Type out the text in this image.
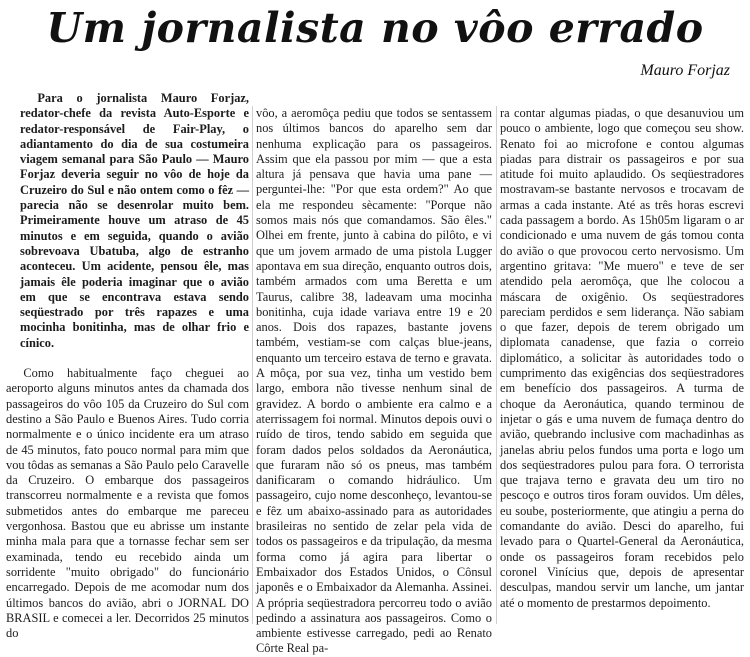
Um jornalista no vôo errado
Mauro Forjaz

Para o jornalista Mauro Forjaz, redator-chefe da revista Auto-Esporte e redator-responsável de Fair-Play, o adiantamento do dia de sua costumeira viagem semanal para São Paulo — Mauro Forjaz deveria seguir no vôo de hoje da Cruzeiro do Sul e não ontem como o fêz — parecia não se desenrolar muito bem. Primeiramente houve um atraso de 45 minutos e em seguida, quando o avião sobrevoava Ubatuba, algo de estranho aconteceu. Um acidente, pensou êle, mas jamais êle poderia imaginar que o avião em que se encontrava estava sendo seqüestrado por três rapazes e uma mocinha bonitinha, mas de olhar frio e cínico.

Como habitualmente faço cheguei ao aeroporto alguns minutos antes da chamada dos passageiros do vôo 105 da Cruzeiro do Sul com destino a São Paulo e Buenos Aires. Tudo corria normalmente e o único incidente era um atraso de 45 minutos, fato pouco normal para mim que vou tôdas as semanas a São Paulo pelo Caravelle da Cruzeiro. O embarque dos passageiros transcorreu normalmente e a revista que fomos submetidos antes do embarque me pareceu vergonhosa. Bastou que eu abrisse um instante minha mala para que a tornasse fechar sem ser examinada, tendo eu recebido ainda um sorridente "muito obrigado" do funcionário encarregado. Depois de me acomodar num dos últimos bancos do avião, abri o JORNAL DO BRASIL e comecei a ler. Decorridos 25 minutos do

vôo, a aeromôça pediu que todos se sentassem nos últimos bancos do aparelho sem dar nenhuma explicação para os passageiros. Assim que ela passou por mim — que a esta altura já pensava que havia uma pane — perguntei-lhe: "Por que esta ordem?" Ao que ela me respondeu sècamente: "Porque não somos mais nós que comandamos. São êles." Olhei em frente, junto à cabina do pilôto, e vi que um jovem armado de uma pistola Lugger apontava em sua direção, enquanto outros dois, também armados com uma Beretta e um Taurus, calibre 38, ladeavam uma mocinha bonitinha, cuja idade variava entre 19 e 20 anos. Dois dos rapazes, bastante jovens também, vestiam-se com calças blue-jeans, enquanto um terceiro estava de terno e gravata. A môça, por sua vez, tinha um vestido bem largo, embora não tivesse nenhum sinal de gravidez. A bordo o ambiente era calmo e a aterrissagem foi normal. Minutos depois ouvi o ruído de tiros, tendo sabido em seguida que foram dados pelos soldados da Aeronáutica, que furaram não só os pneus, mas também danificaram o comando hidráulico. Um passageiro, cujo nome desconheço, levantou-se e fêz um abaixo-assinado para as autoridades brasileiras no sentido de zelar pela vida de todos os passageiros e da tripulação, da mesma forma como já agira para libertar o Embaixador dos Estados Unidos, o Cônsul japonês e o Embaixador da Alemanha. Assinei. A própria seqüestradora percorreu todo o avião pedindo a assinatura aos passageiros. Como o ambiente estivesse carregado, pedi ao Renato Côrte Real pa-

ra contar algumas piadas, o que desanuviou um pouco o ambiente, logo que começou seu show. Renato foi ao microfone e contou algumas piadas para distrair os passageiros e por sua atitude foi muito aplaudido. Os seqüestradores mostravam-se bastante nervosos e trocavam de armas a cada instante. Até as três horas escrevi cada passagem a bordo. As 15h05m ligaram o ar condicionado e uma nuvem de gás tomou conta do avião o que provocou certo nervosismo. Um argentino gritava: "Me muero" e teve de ser atendido pela aeromôça, que lhe colocou a máscara de oxigênio. Os seqüestradores pareciam perdidos e sem liderança. Não sabiam o que fazer, depois de terem obrigado um diplomata canadense, que fazia o correio diplomático, a solicitar às autoridades todo o cumprimento das exigências dos seqüestradores em benefício dos passageiros. A turma de choque da Aeronáutica, quando terminou de injetar o gás e uma nuvem de fumaça dentro do avião, quebrando inclusive com machadinhas as janelas abriu pelos fundos uma porta e logo um dos seqüestradores pulou para fora. O terrorista que trajava terno e gravata deu um tiro no pescoço e outros tiros foram ouvidos. Um dêles, eu soube, posteriormente, que atingiu a perna do comandante do avião. Desci do aparelho, fui levado para o Quartel-General da Aeronáutica, onde os passageiros foram recebidos pelo coronel Vinícius que, depois de apresentar desculpas, mandou servir um lanche, um jantar até o momento de prestarmos depoimento.
